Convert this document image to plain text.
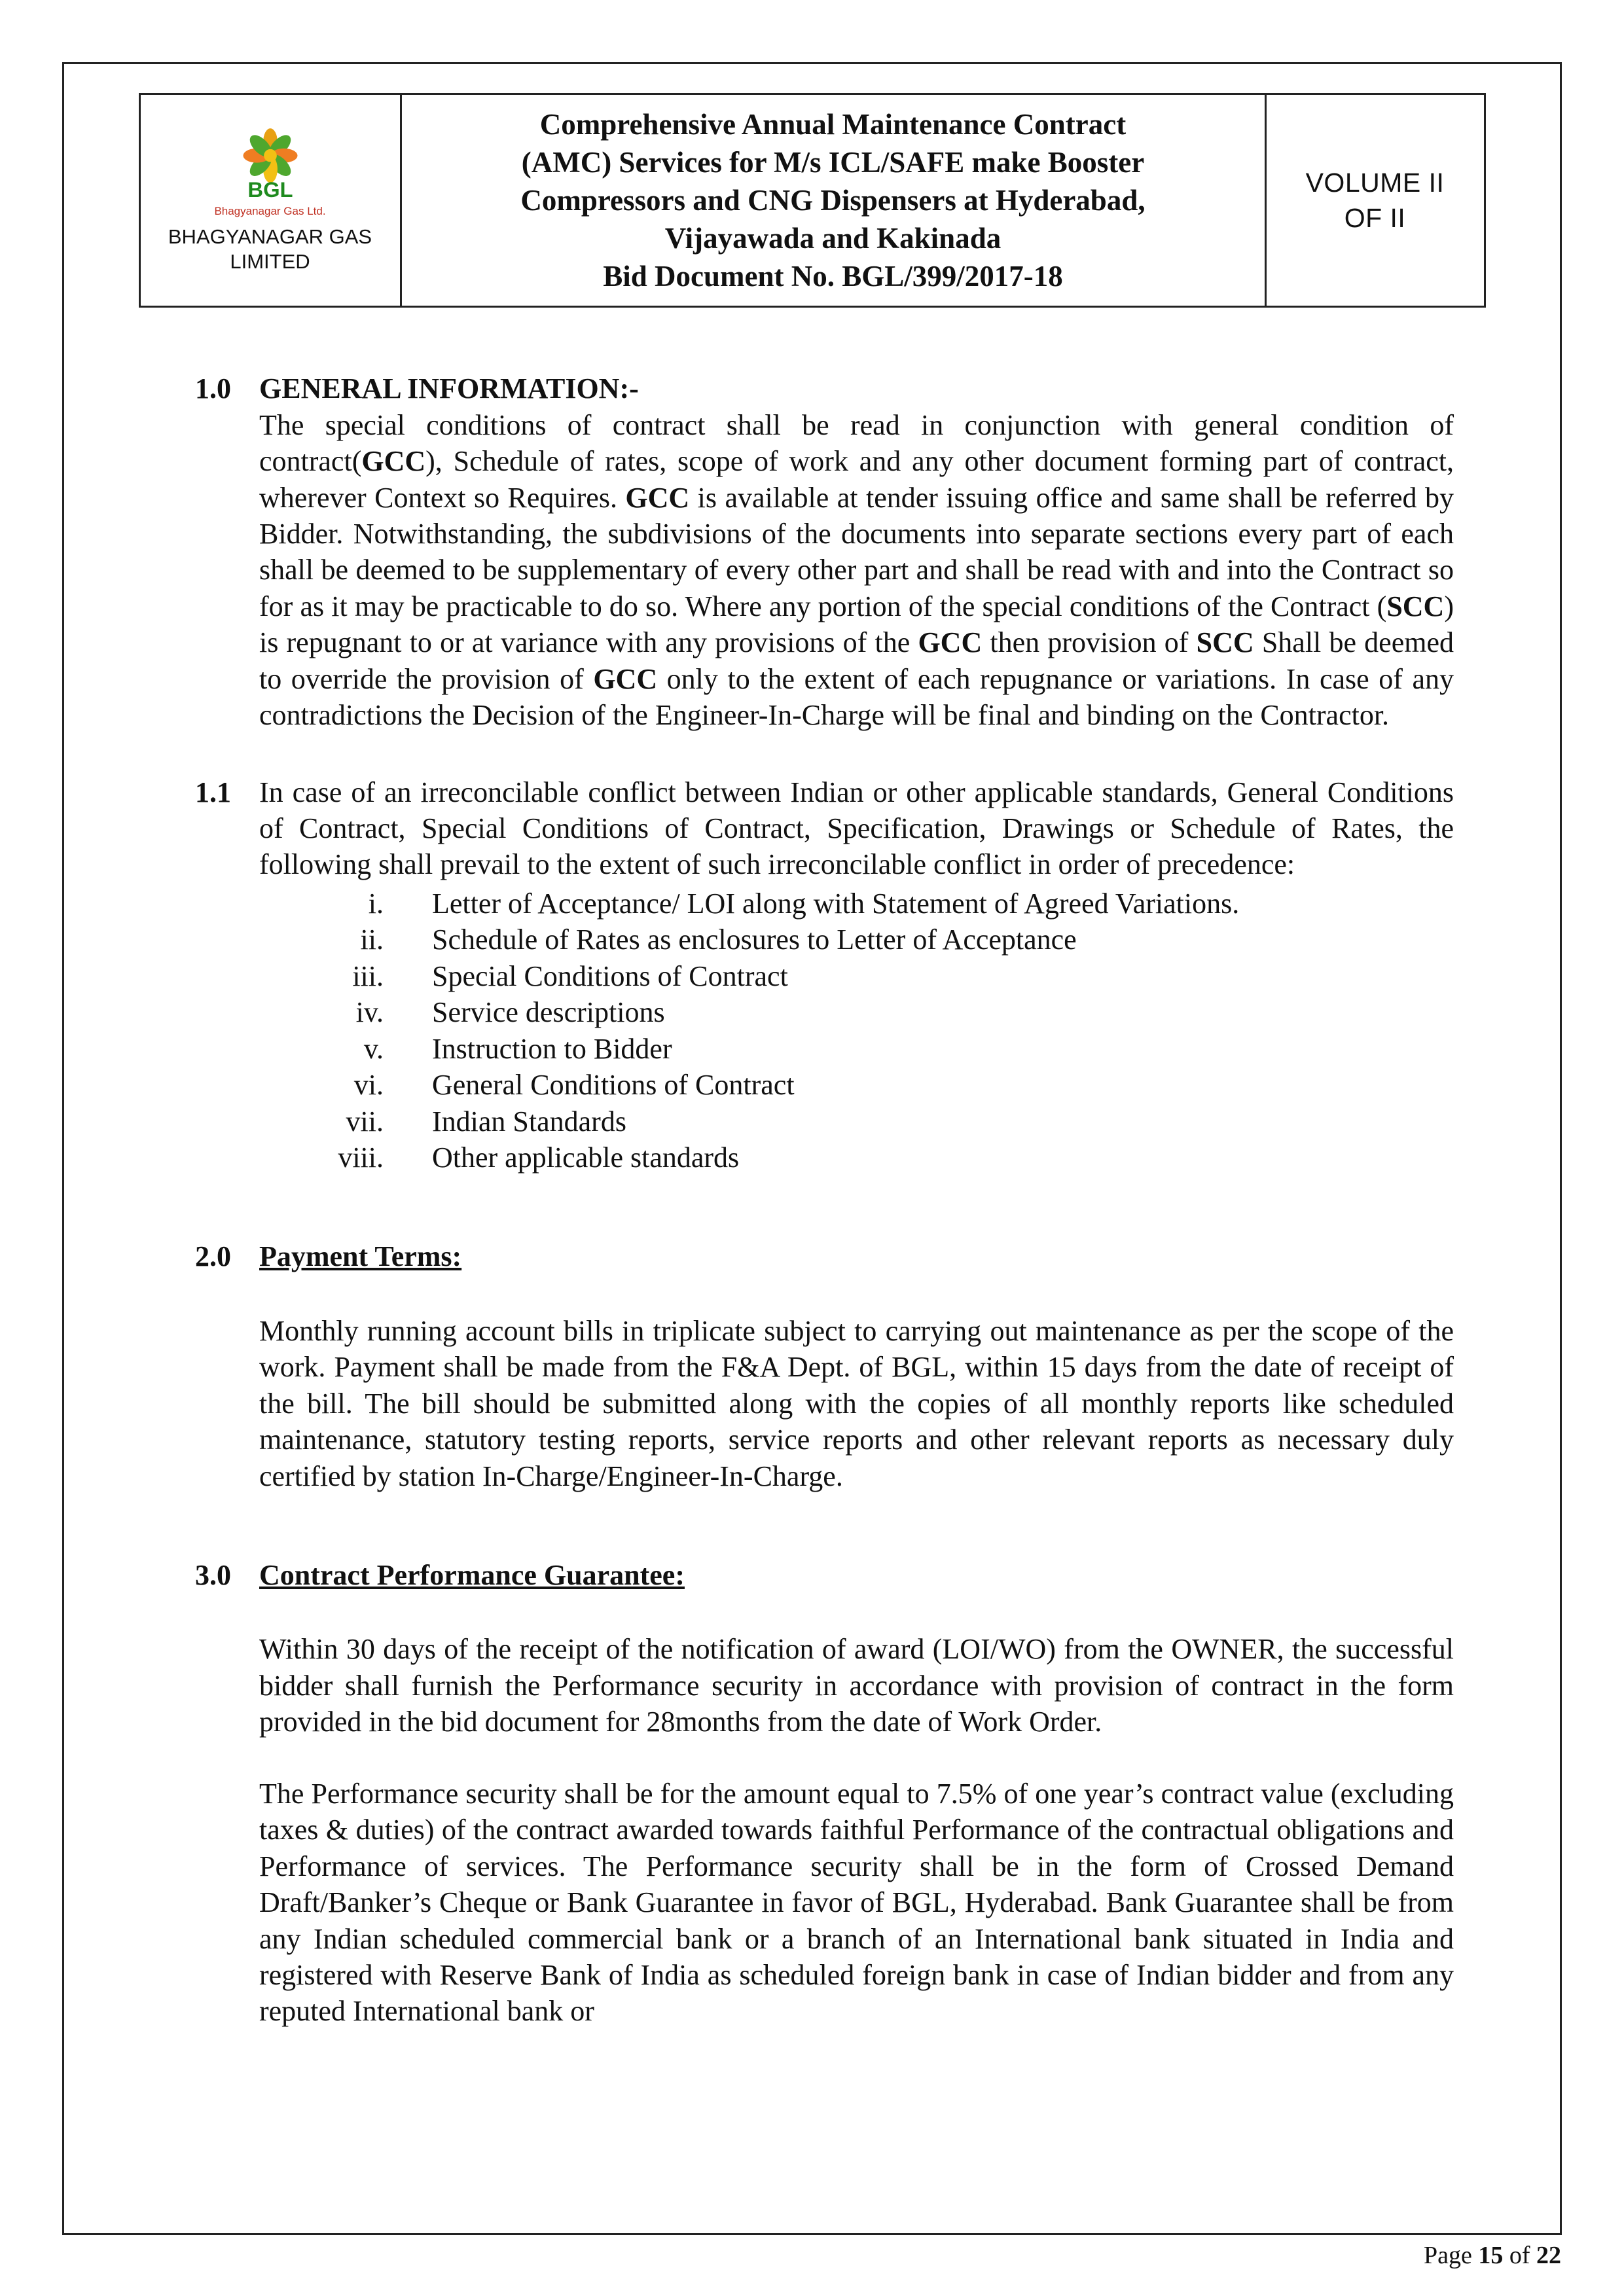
BGL
Bhagyanagar Gas Ltd.
BHAGYANAGAR GAS
LIMITED

Comprehensive Annual Maintenance Contract
(AMC) Services for M/s ICL/SAFE make Booster
Compressors and CNG Dispensers at Hyderabad,
Vijayawada and Kakinada
Bid Document No. BGL/399/2017-18

VOLUME II
OF II
1.0 GENERAL INFORMATION:-

The special conditions of contract shall be read in conjunction with general condition of contract(GCC), Schedule of rates, scope of work and any other document forming part of contract, wherever Context so Requires. GCC is available at tender issuing office and same shall be referred by Bidder. Notwithstanding, the subdivisions of the documents into separate sections every part of each shall be deemed to be supplementary of every other part and shall be read with and into the Contract so for as it may be practicable to do so. Where any portion of the special conditions of the Contract (SCC) is repugnant to or at variance with any provisions of the GCC then provision of SCC Shall be deemed to override the provision of GCC only to the extent of each repugnance or variations. In case of any contradictions the Decision of the Engineer-In-Charge will be final and binding on the Contractor.

1.1 In case of an irreconcilable conflict between Indian or other applicable standards, General Conditions of Contract, Special Conditions of Contract, Specification, Drawings or Schedule of Rates, the following shall prevail to the extent of such irreconcilable conflict in order of precedence:

i. Letter of Acceptance/ LOI along with Statement of Agreed Variations.
ii. Schedule of Rates as enclosures to Letter of Acceptance
iii. Special Conditions of Contract
iv. Service descriptions
v. Instruction to Bidder
vi. General Conditions of Contract
vii. Indian Standards
viii. Other applicable standards
2.0 Payment Terms:

Monthly running account bills in triplicate subject to carrying out maintenance as per the scope of the work. Payment shall be made from the F&A Dept. of BGL, within 15 days from the date of receipt of the bill. The bill should be submitted along with the copies of all monthly reports like scheduled maintenance, statutory testing reports, service reports and other relevant reports as necessary duly certified by station In-Charge/Engineer-In-Charge.

3.0 Contract Performance Guarantee:

Within 30 days of the receipt of the notification of award (LOI/WO) from the OWNER, the successful bidder shall furnish the Performance security in accordance with provision of contract in the form provided in the bid document for 28months from the date of Work Order.

The Performance security shall be for the amount equal to 7.5% of one year’s contract value (excluding taxes & duties) of the contract awarded towards faithful Performance of the contractual obligations and Performance of services. The Performance security shall be in the form of Crossed Demand Draft/Banker’s Cheque or Bank Guarantee in favor of BGL, Hyderabad. Bank Guarantee shall be from any Indian scheduled commercial bank or a branch of an International bank situated in India and registered with Reserve Bank of India as scheduled foreign bank in case of Indian bidder and from any reputed International bank or

Page 15 of 22
